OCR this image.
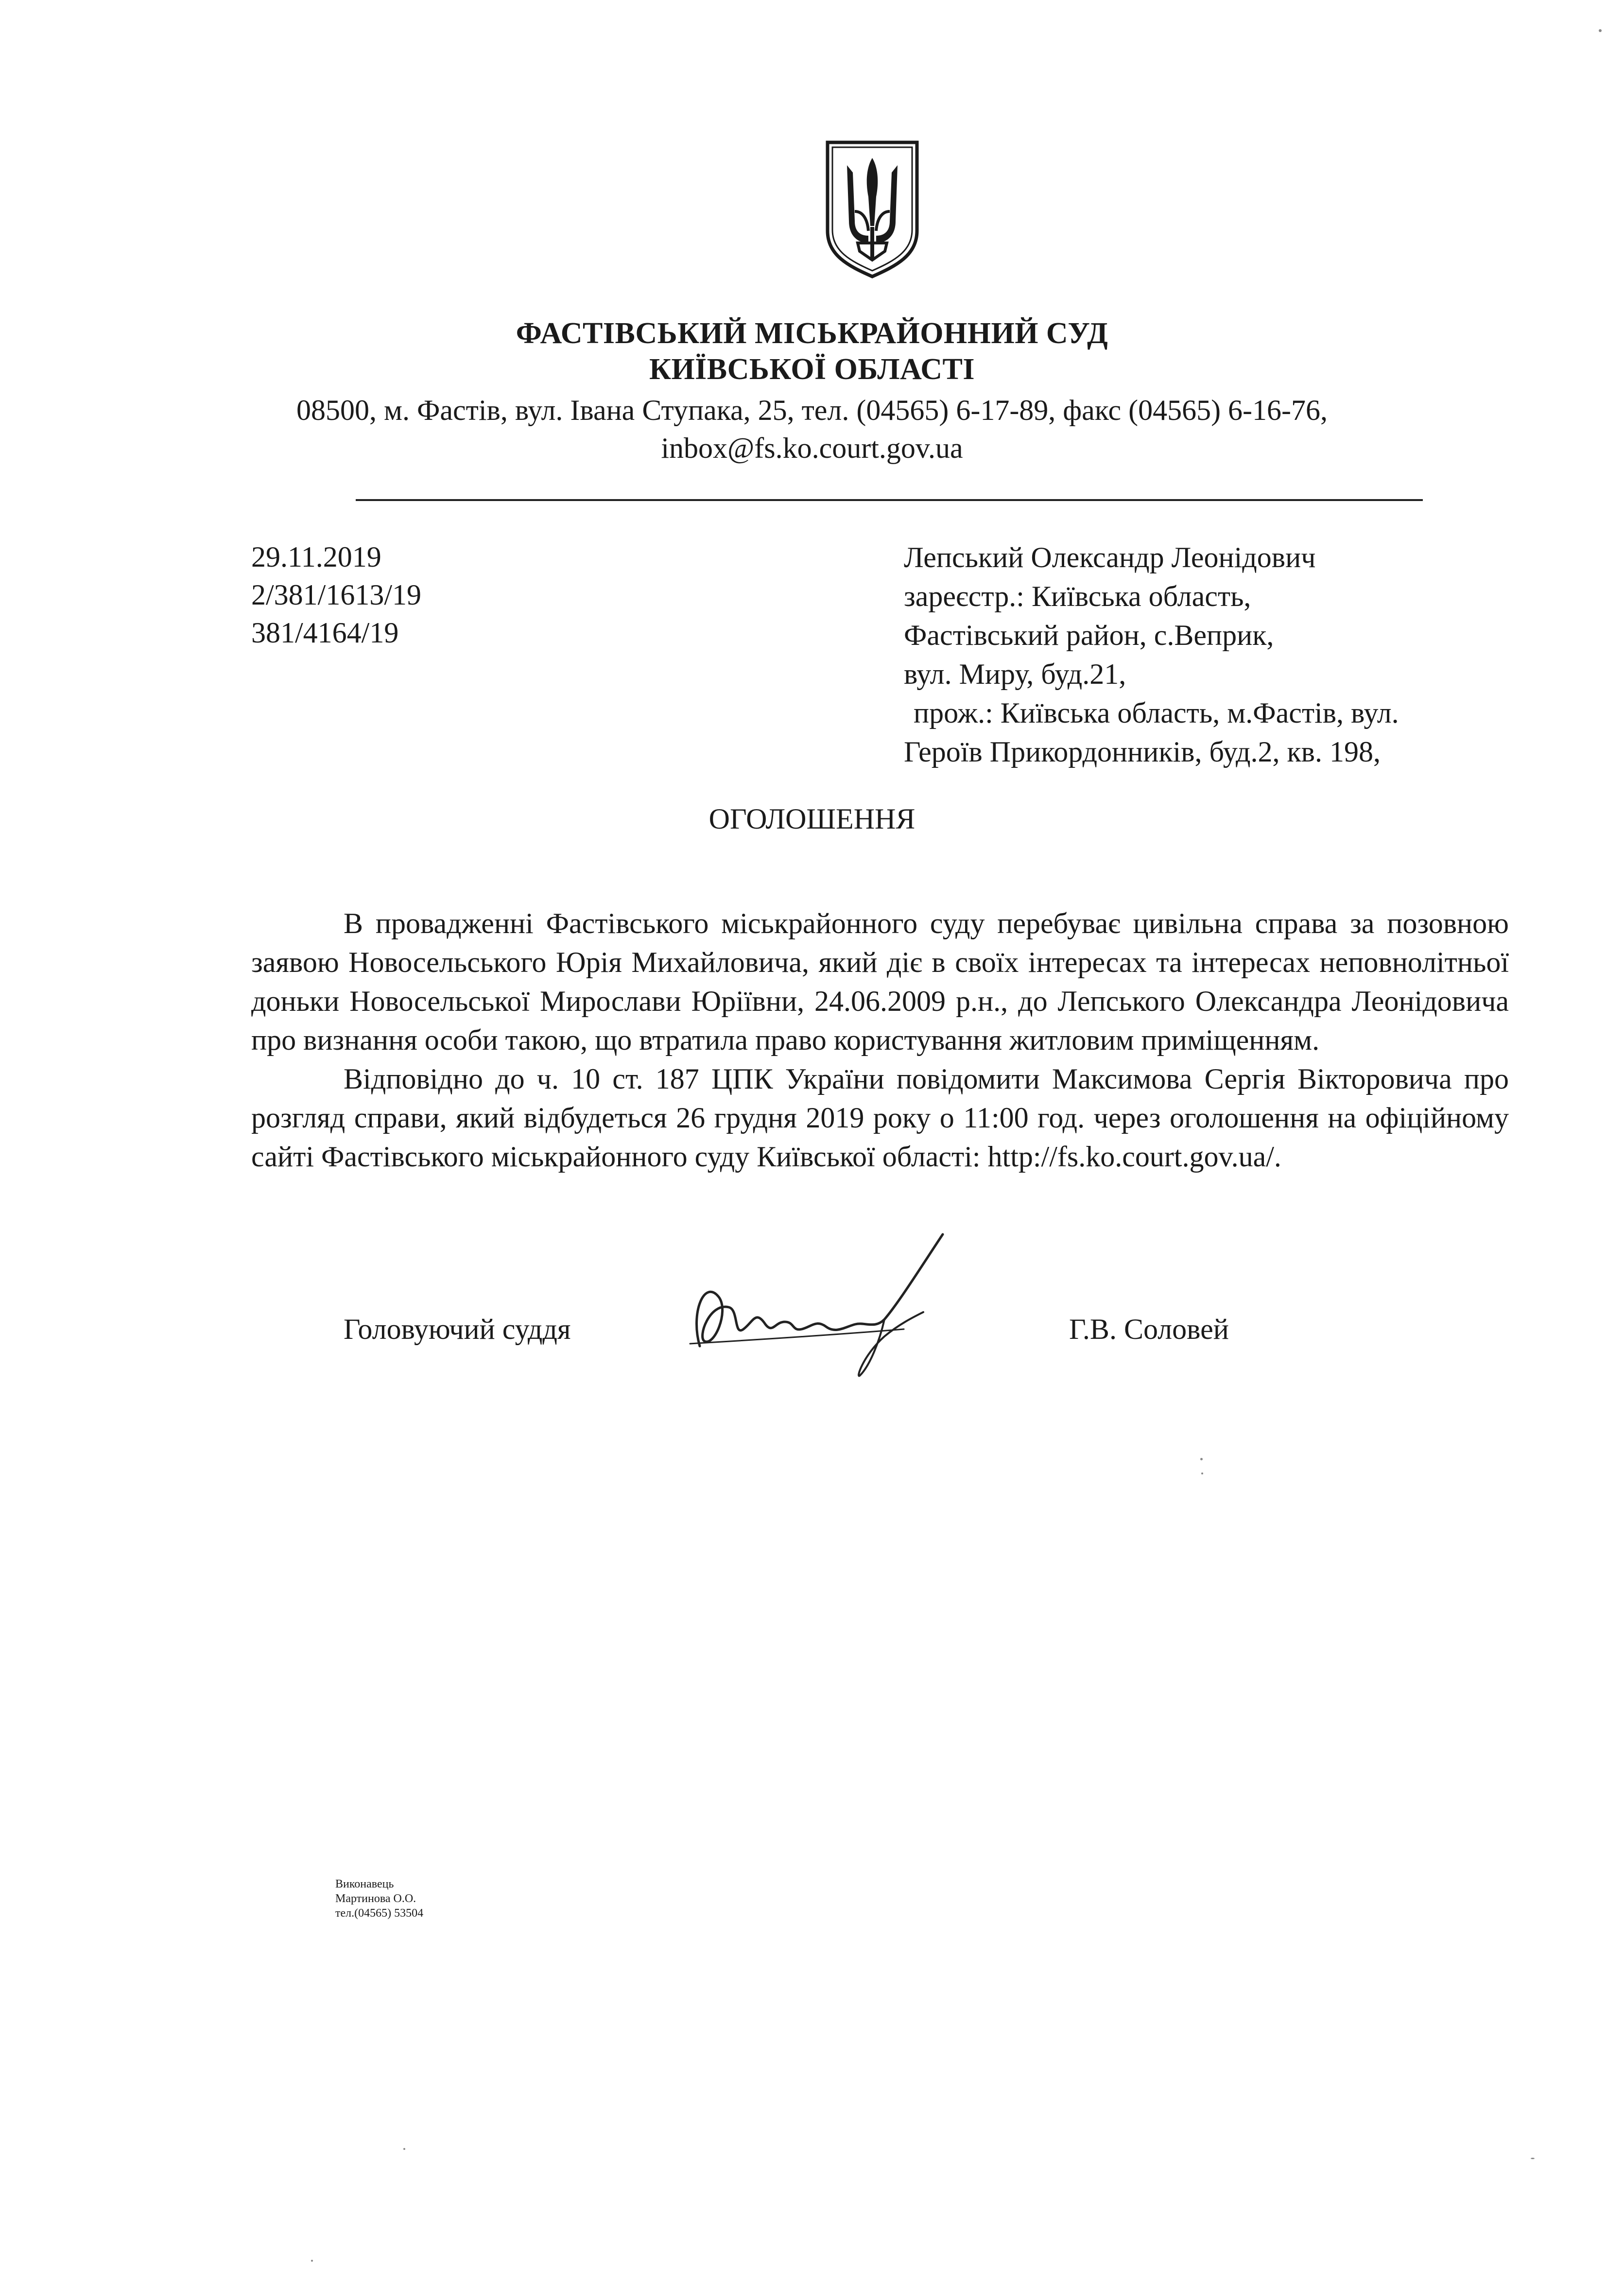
ФАСТІВСЬКИЙ МІСЬКРАЙОННИЙ СУД
КИЇВСЬКОЇ ОБЛАСТІ
08500, м. Фастів, вул. Івана Ступака, 25, тел. (04565) 6-17-89, факс (04565) 6-16-76,
inbox@fs.ko.court.gov.ua
29.11.2019
2/381/1613/19
381/4164/19
Лепський Олександр Леонідович
зареєстр.: Київська область,
Фастівський район, с.Веприк,
вул. Миру, буд.21,
прож.: Київська область, м.Фастів, вул.
Героїв Прикордонників, буд.2, кв. 198,
ОГОЛОШЕННЯ

В провадженні Фастівського міськрайонного суду перебуває цивільна справа за позовною заявою Новосельського Юрія Михайловича, який діє в своїх інтересах та інтересах неповнолітньої доньки Новосельської Мирослави Юріївни, 24.06.2009 р.н., до Лепського Олександра Леонідовича про визнання особи такою, що втратила право користування житловим приміщенням.

Відповідно до ч. 10 ст. 187 ЦПК України повідомити Максимова Сергія Вікторовича про розгляд справи, який відбудеться 26 грудня 2019 року о 11:00 год. через оголошення на офіційному сайті Фастівського міськрайонного суду Київської області: http://fs.ko.court.gov.ua/.

Головуючий суддя	Г.В. Соловей
Виконавець
Мартинова О.О.
тел.(04565) 53504
